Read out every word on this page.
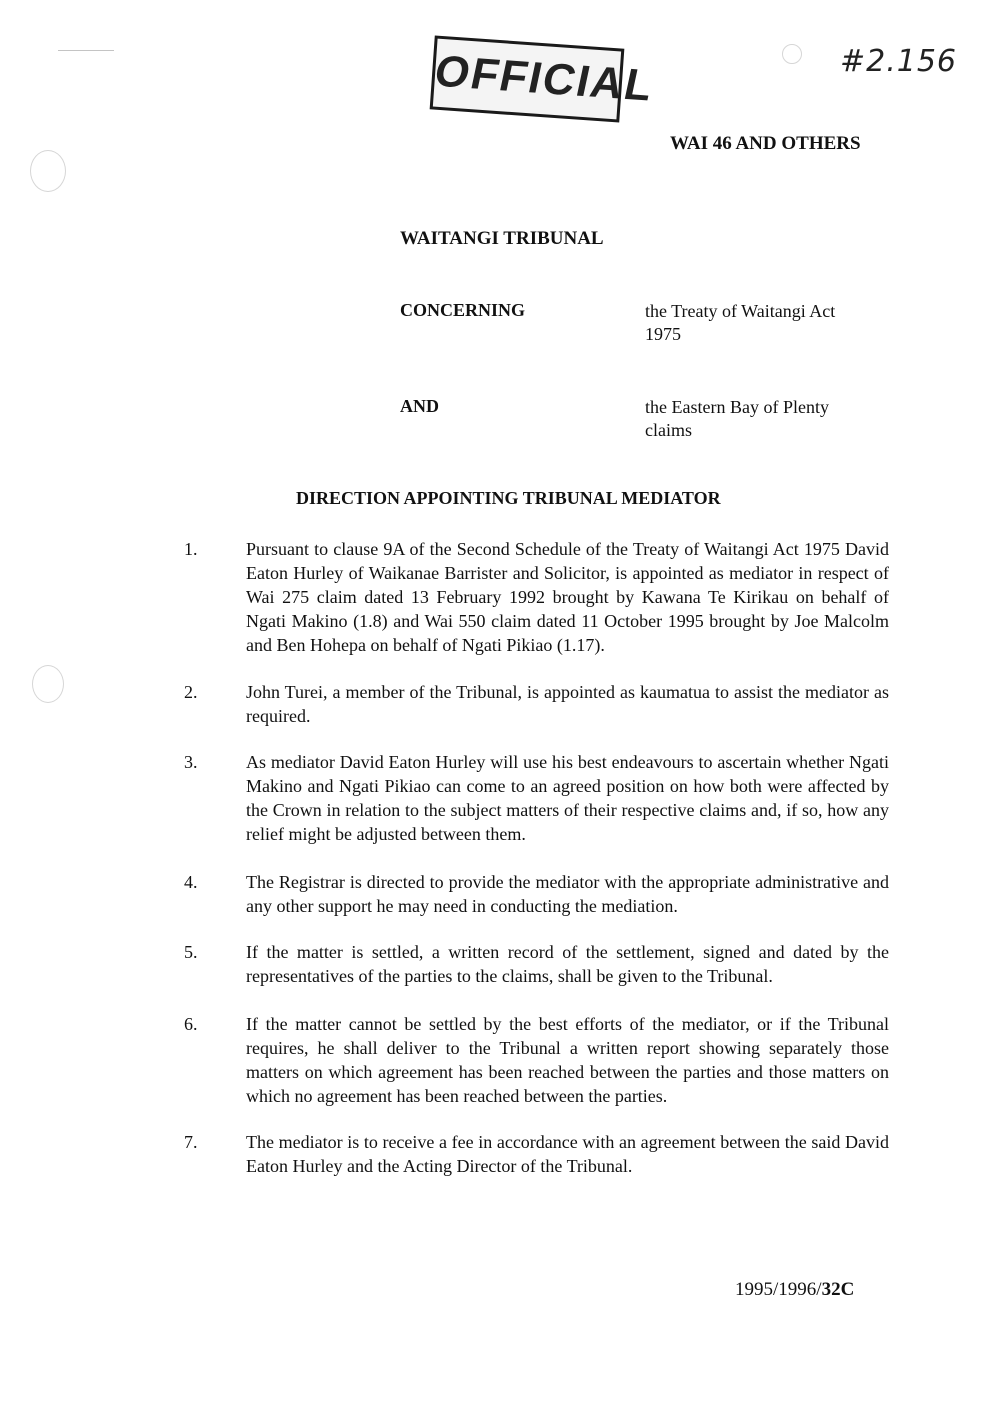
OFFICIAL	#2.156
WAI 46 AND OTHERS
WAITANGI TRIBUNAL
CONCERNING	the Treaty of Waitangi Act
1975
AND	the Eastern Bay of Plenty
claims
DIRECTION APPOINTING TRIBUNAL MEDIATOR
1.	Pursuant to clause 9A of the Second Schedule of the Treaty of Waitangi Act 1975 David Eaton Hurley of Waikanae Barrister and Solicitor, is appointed as mediator in respect of Wai 275 claim dated 13 February 1992 brought by Kawana Te Kirikau on behalf of Ngati Makino (1.8) and Wai 550 claim dated 11 October 1995 brought by Joe Malcolm and Ben Hohepa on behalf of Ngati Pikiao (1.17).
2.	John Turei, a member of the Tribunal, is appointed as kaumatua to assist the mediator as required.
3.	As mediator David Eaton Hurley will use his best endeavours to ascertain whether Ngati Makino and Ngati Pikiao can come to an agreed position on how both were affected by the Crown in relation to the subject matters of their respective claims and, if so, how any relief might be adjusted between them.
4.	The Registrar is directed to provide the mediator with the appropriate administrative and any other support he may need in conducting the mediation.
5.	If the matter is settled, a written record of the settlement, signed and dated by the representatives of the parties to the claims, shall be given to the Tribunal.
6.	If the matter cannot be settled by the best efforts of the mediator, or if the Tribunal requires, he shall deliver to the Tribunal a written report showing separately those matters on which agreement has been reached between the parties and those matters on which no agreement has been reached between the parties.
7.	The mediator is to receive a fee in accordance with an agreement between the said David Eaton Hurley and the Acting Director of the Tribunal.
1995/1996/32C
